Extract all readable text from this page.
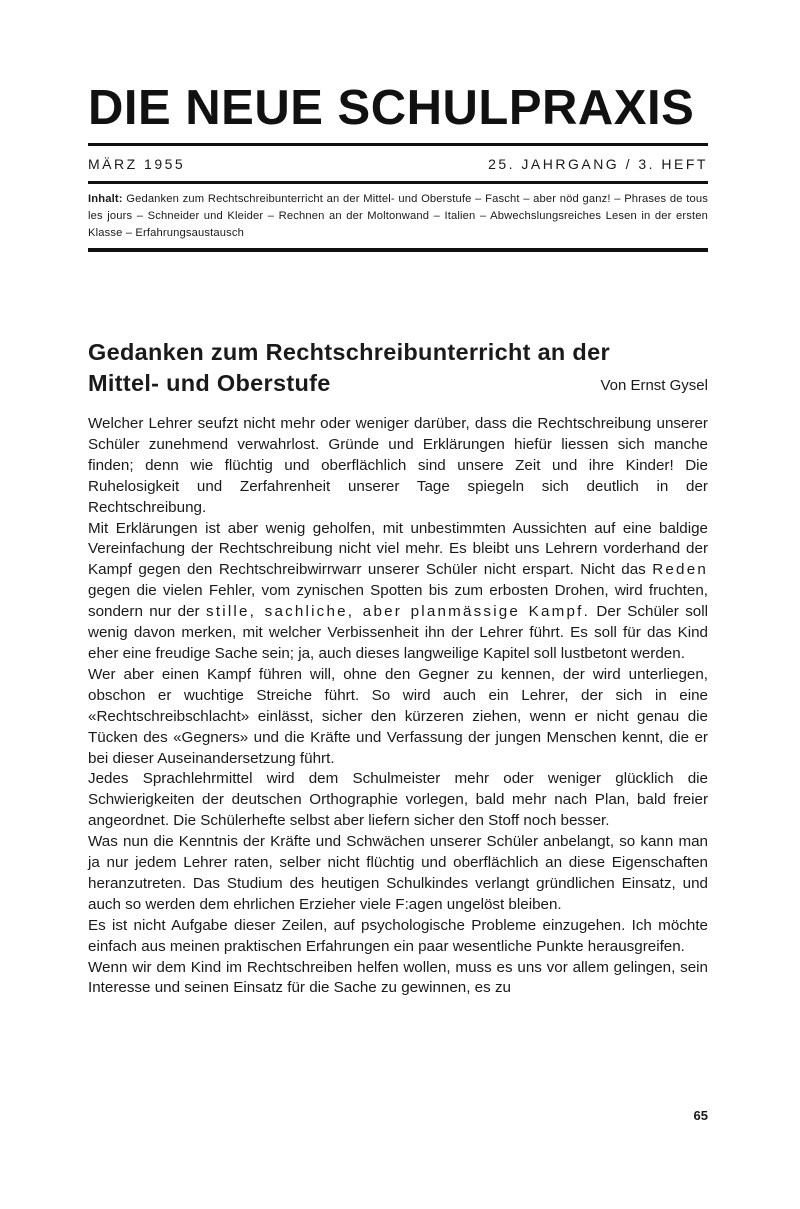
DIE NEUE SCHULPRAXIS
MÄRZ 1955	25. JAHRGANG / 3. HEFT
Inhalt: Gedanken zum Rechtschreibunterricht an der Mittel- und Oberstufe – Fascht – aber nöd ganz! – Phrases de tous les jours – Schneider und Kleider – Rechnen an der Moltonwand – Italien – Abwechslungsreiches Lesen in der ersten Klasse – Erfahrungsaustausch
Gedanken zum Rechtschreibunterricht an der
Mittel- und Oberstufe	Von Ernst Gysel

Welcher Lehrer seufzt nicht mehr oder weniger darüber, dass die Rechtschreibung unserer Schüler zunehmend verwahrlost. Gründe und Erklärungen hiefür liessen sich manche finden; denn wie flüchtig und oberflächlich sind unsere Zeit und ihre Kinder! Die Ruhelosigkeit und Zerfahrenheit unserer Tage spiegeln sich deutlich in der Rechtschreibung.

Mit Erklärungen ist aber wenig geholfen, mit unbestimmten Aussichten auf eine baldige Vereinfachung der Rechtschreibung nicht viel mehr. Es bleibt uns Lehrern vorderhand der Kampf gegen den Rechtschreibwirrwarr unserer Schüler nicht erspart. Nicht das Reden gegen die vielen Fehler, vom zynischen Spotten bis zum erbosten Drohen, wird fruchten, sondern nur der stille, sachliche, aber planmässige Kampf. Der Schüler soll wenig davon merken, mit welcher Verbissenheit ihn der Lehrer führt. Es soll für das Kind eher eine freudige Sache sein; ja, auch dieses langweilige Kapitel soll lustbetont werden.

Wer aber einen Kampf führen will, ohne den Gegner zu kennen, der wird unterliegen, obschon er wuchtige Streiche führt. So wird auch ein Lehrer, der sich in eine «Rechtschreibschlacht» einlässt, sicher den kürzeren ziehen, wenn er nicht genau die Tücken des «Gegners» und die Kräfte und Verfassung der jungen Menschen kennt, die er bei dieser Auseinandersetzung führt.

Jedes Sprachlehrmittel wird dem Schulmeister mehr oder weniger glücklich die Schwierigkeiten der deutschen Orthographie vorlegen, bald mehr nach Plan, bald freier angeordnet. Die Schülerhefte selbst aber liefern sicher den Stoff noch besser.

Was nun die Kenntnis der Kräfte und Schwächen unserer Schüler anbelangt, so kann man ja nur jedem Lehrer raten, selber nicht flüchtig und oberflächlich an diese Eigenschaften heranzutreten. Das Studium des heutigen Schulkindes verlangt gründlichen Einsatz, und auch so werden dem ehrlichen Erzieher viele F:agen ungelöst bleiben.

Es ist nicht Aufgabe dieser Zeilen, auf psychologische Probleme einzugehen. Ich möchte einfach aus meinen praktischen Erfahrungen ein paar wesentliche Punkte herausgreifen.

Wenn wir dem Kind im Rechtschreiben helfen wollen, muss es uns vor allem gelingen, sein Interesse und seinen Einsatz für die Sache zu gewinnen, es zu

65
